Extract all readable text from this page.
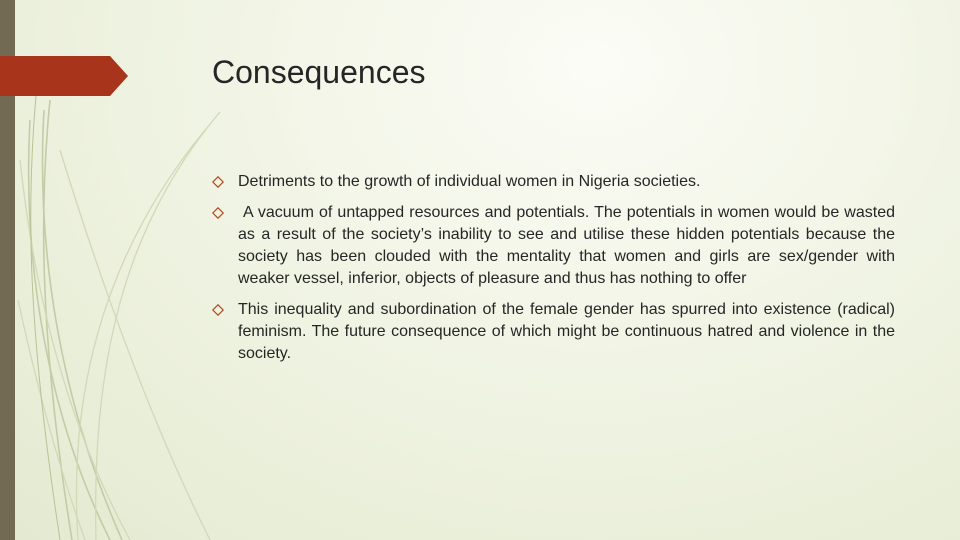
Consequences
Detriments to the growth of individual women in Nigeria societies.
A vacuum of untapped resources and potentials. The potentials in women would be wasted as a result of the society’s inability to see and utilise these hidden potentials because the society has been clouded with the mentality that women and girls are sex/gender with weaker vessel, inferior, objects of pleasure and thus has nothing to offer
This inequality and subordination of the female gender has spurred into existence (radical) feminism. The future consequence of which might be continuous hatred and violence in the society.
